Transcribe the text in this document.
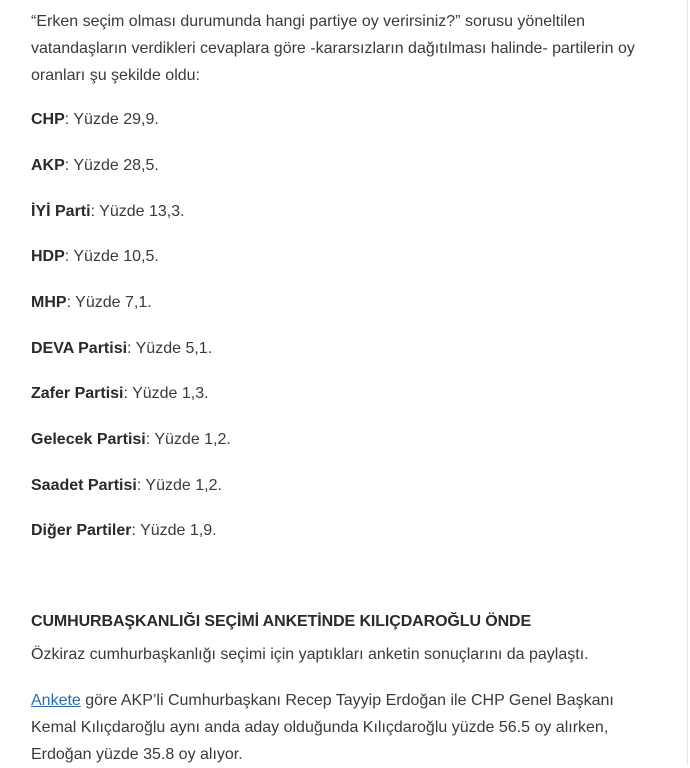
“Erken seçim olması durumunda hangi partiye oy verirsiniz?” sorusu yöneltilen vatandaşların verdikleri cevaplara göre -kararsızların dağıtılması halinde- partilerin oy oranları şu şekilde oldu:

CHP: Yüzde 29,9.
AKP: Yüzde 28,5.
İYİ Parti: Yüzde 13,3.
HDP: Yüzde 10,5.
MHP: Yüzde 7,1.
DEVA Partisi: Yüzde 5,1.
Zafer Partisi: Yüzde 1,3.
Gelecek Partisi: Yüzde 1,2.
Saadet Partisi: Yüzde 1,2.
Diğer Partiler: Yüzde 1,9.
CUMHURBAŞKANLIĞI SEÇİMİ ANKETİNDE KILIÇDAROĞLU ÖNDE

Özkiraz cumhurbaşkanlığı seçimi için yaptıkları anketin sonuçlarını da paylaştı.

Ankete göre AKP’li Cumhurbaşkanı Recep Tayyip Erdoğan ile CHP Genel Başkanı Kemal Kılıçdaroğlu aynı anda aday olduğunda Kılıçdaroğlu yüzde 56.5 oy alırken, Erdoğan yüzde 35.8 oy alıyor.
